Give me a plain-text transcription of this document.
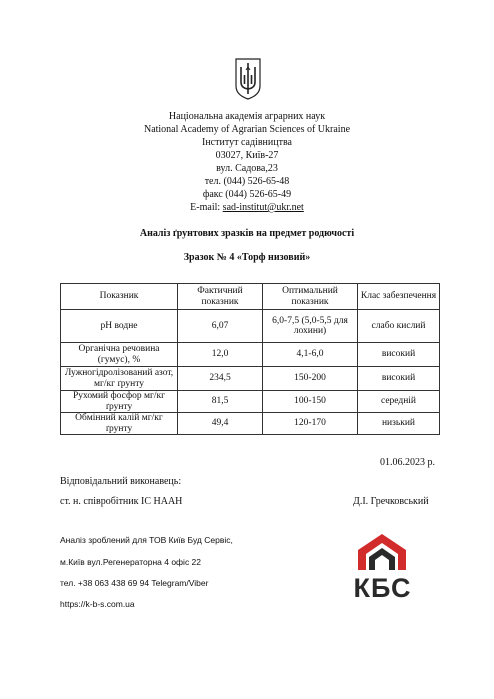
Національна академія аграрних наук
National Academy of Agrarian Sciences of Ukraine
Інститут садівництва
03027, Київ-27
вул. Садова,23
тел. (044) 526-65-48
факс (044) 526-65-49
E-mail: sad-institut@ukr.net
Аналіз ґрунтових зразків на предмет родючості
Зразок № 4 «Торф низовий»
Показник	Фактичний показник	Оптимальний показник	Клас забезпечення
pH водне	6,07	6,0-7,5 (5,0-5,5 для лохини)	слабо кислий
Органічна речовина (гумус), %	12,0	4,1-6,0	високий
Лужногідролізований азот, мг/кг ґрунту	234,5	150-200	високий
Рухомий фосфор мг/кг ґрунту	81,5	100-150	середній
Обмінний калій мг/кг ґрунту	49,4	120-170	низький
01.06.2023 р.
Відповідальний виконавець:
ст. н. співробітник ІС НААН	Д.І. Гречковський
Аналіз зроблений для ТОВ Київ Буд Сервіс,
м.Київ вул.Регенераторна 4 офіс 22
тел. +38 063 438 69 94 Telegram/Viber
https://k-b-s.com.ua
КБС
